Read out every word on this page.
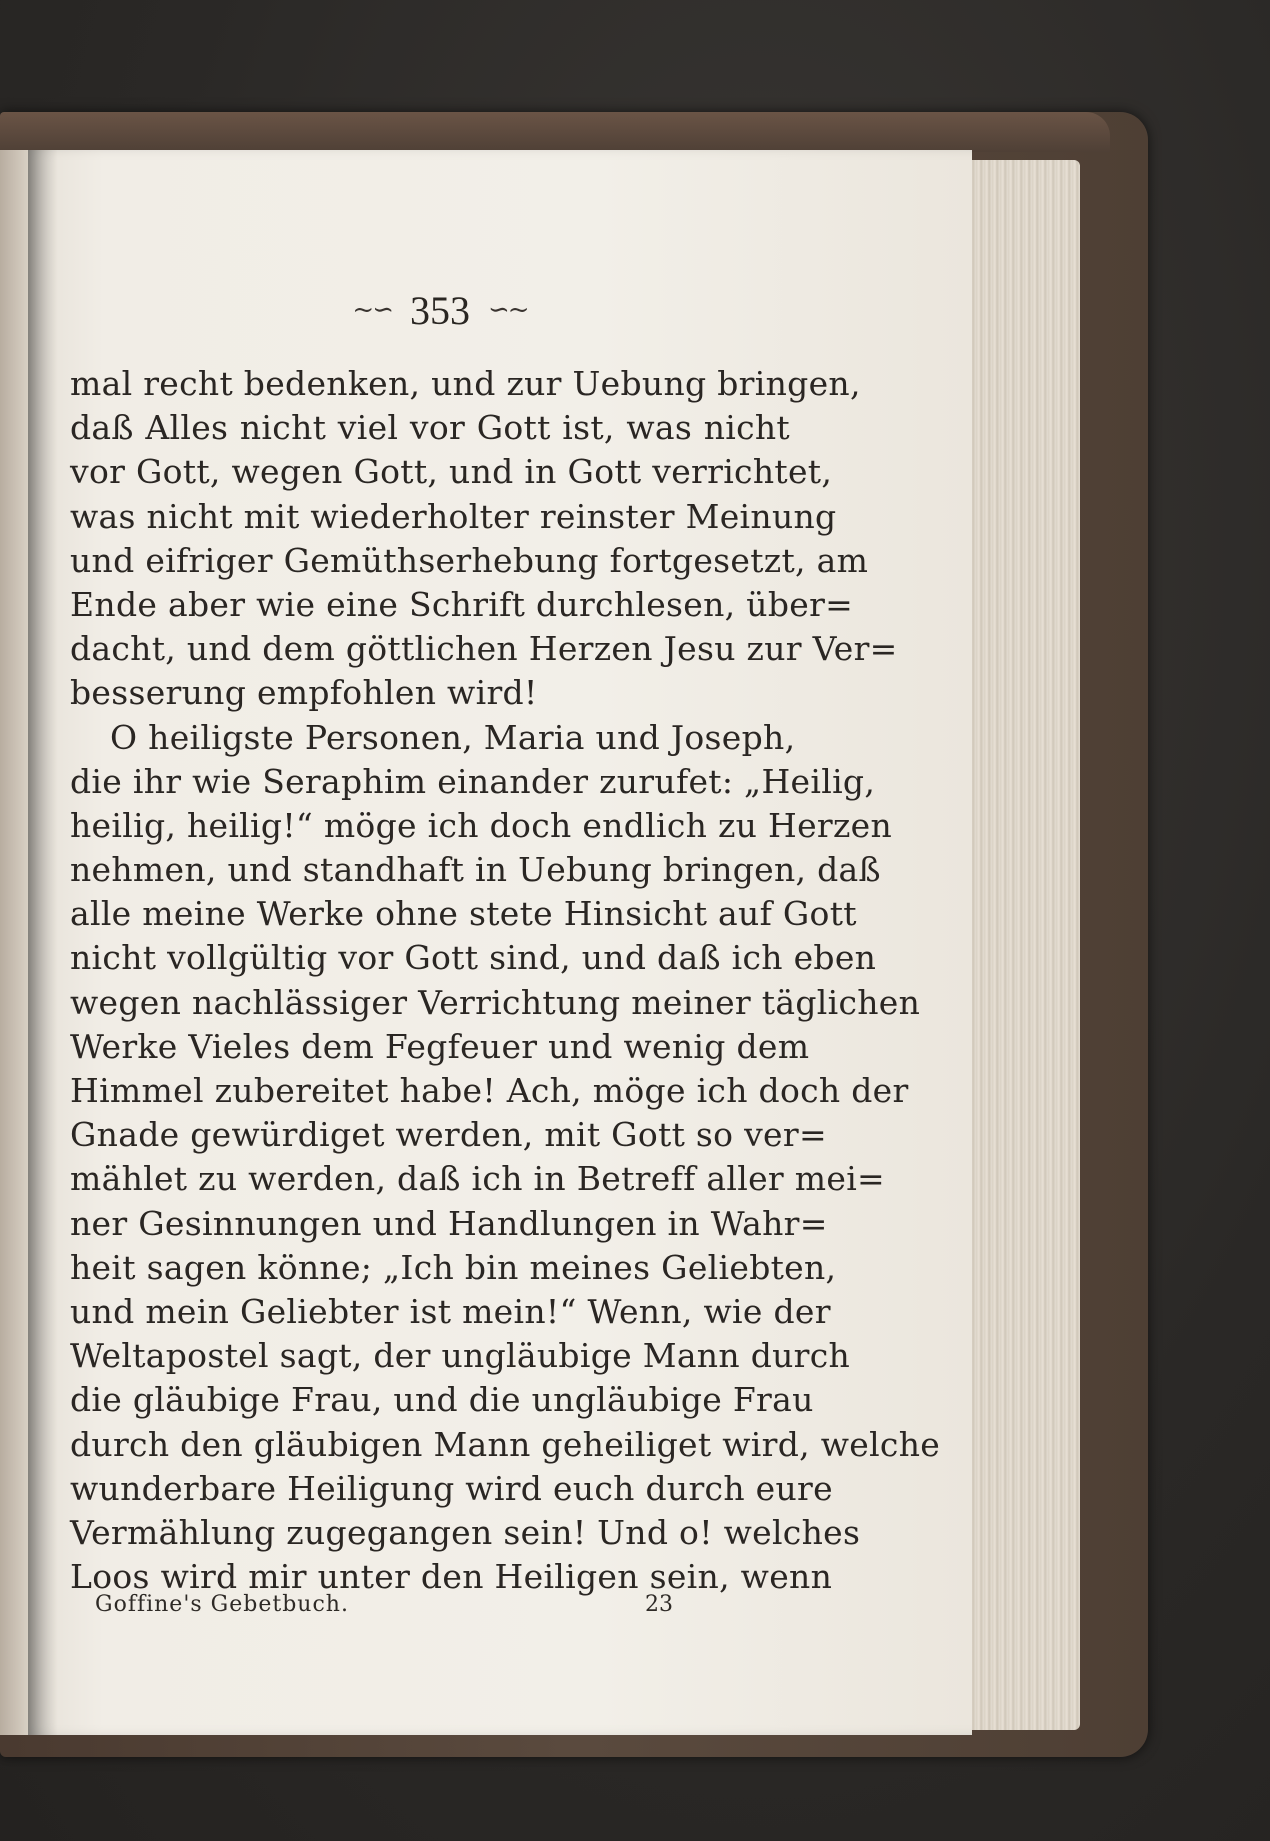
~∽ 353 ∽~
mal recht bedenken, und zur Uebung bringen,
daß Alles nicht viel vor Gott ist, was nicht
vor Gott, wegen Gott, und in Gott verrichtet,
was nicht mit wiederholter reinster Meinung
und eifriger Gemüthserhebung fortgesetzt, am
Ende aber wie eine Schrift durchlesen, über=
dacht, und dem göttlichen Herzen Jesu zur Ver=
besserung empfohlen wird!
O heiligste Personen, Maria und Joseph,
die ihr wie Seraphim einander zurufet: „Heilig,
heilig, heilig!“ möge ich doch endlich zu Herzen
nehmen, und standhaft in Uebung bringen, daß
alle meine Werke ohne stete Hinsicht auf Gott
nicht vollgültig vor Gott sind, und daß ich eben
wegen nachlässiger Verrichtung meiner täglichen
Werke Vieles dem Fegfeuer und wenig dem
Himmel zubereitet habe! Ach, möge ich doch der
Gnade gewürdiget werden, mit Gott so ver=
mählet zu werden, daß ich in Betreff aller mei=
ner Gesinnungen und Handlungen in Wahr=
heit sagen könne; „Ich bin meines Geliebten,
und mein Geliebter ist mein!“ Wenn, wie der
Weltapostel sagt, der ungläubige Mann durch
die gläubige Frau, und die ungläubige Frau
durch den gläubigen Mann geheiliget wird, welche
wunderbare Heiligung wird euch durch eure
Vermählung zugegangen sein! Und o! welches
Loos wird mir unter den Heiligen sein, wenn
Goffine's Gebetbuch.	23
